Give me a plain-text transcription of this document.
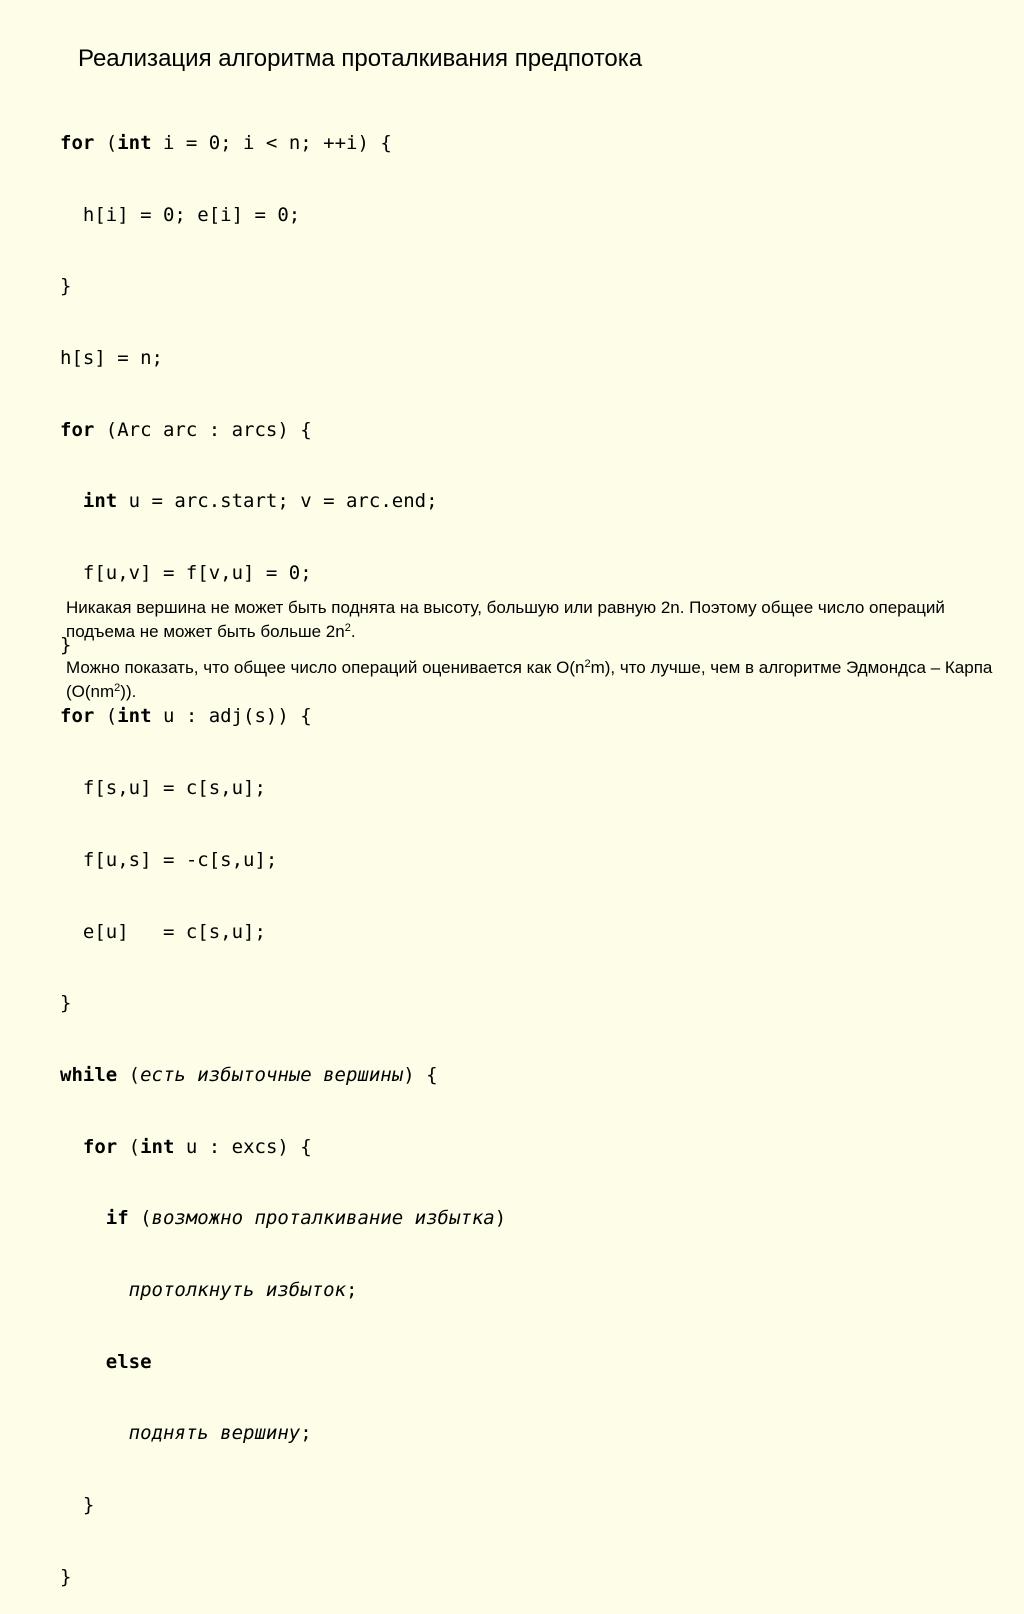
Реализация алгоритма проталкивания предпотока

for (int i = 0; i < n; ++i) {

h[i] = 0; e[i] = 0;

}

h[s] = n;

for (Arc arc : arcs) {

int u = arc.start; v = arc.end;

f[u,v] = f[v,u] = 0;

}

for (int u : adj(s)) {

f[s,u] = c[s,u];

f[u,s] = -c[s,u];

e[u]   = c[s,u];

}

while (есть избыточные вершины) {

for (int u : excs) {

if (возможно проталкивание избытка)

протолкнуть избыток;

else

поднять вершину;

}

}

Никакая вершина не может быть поднята на высоту, большую или равную 2n. Поэтому общее число операций подъема не может быть больше $2n^2$.

Можно показать, что общее число операций оценивается как $O(n^2m)$, что лучше, чем в алгоритме Эдмондса – Карпа $(O(nm^2))$.
